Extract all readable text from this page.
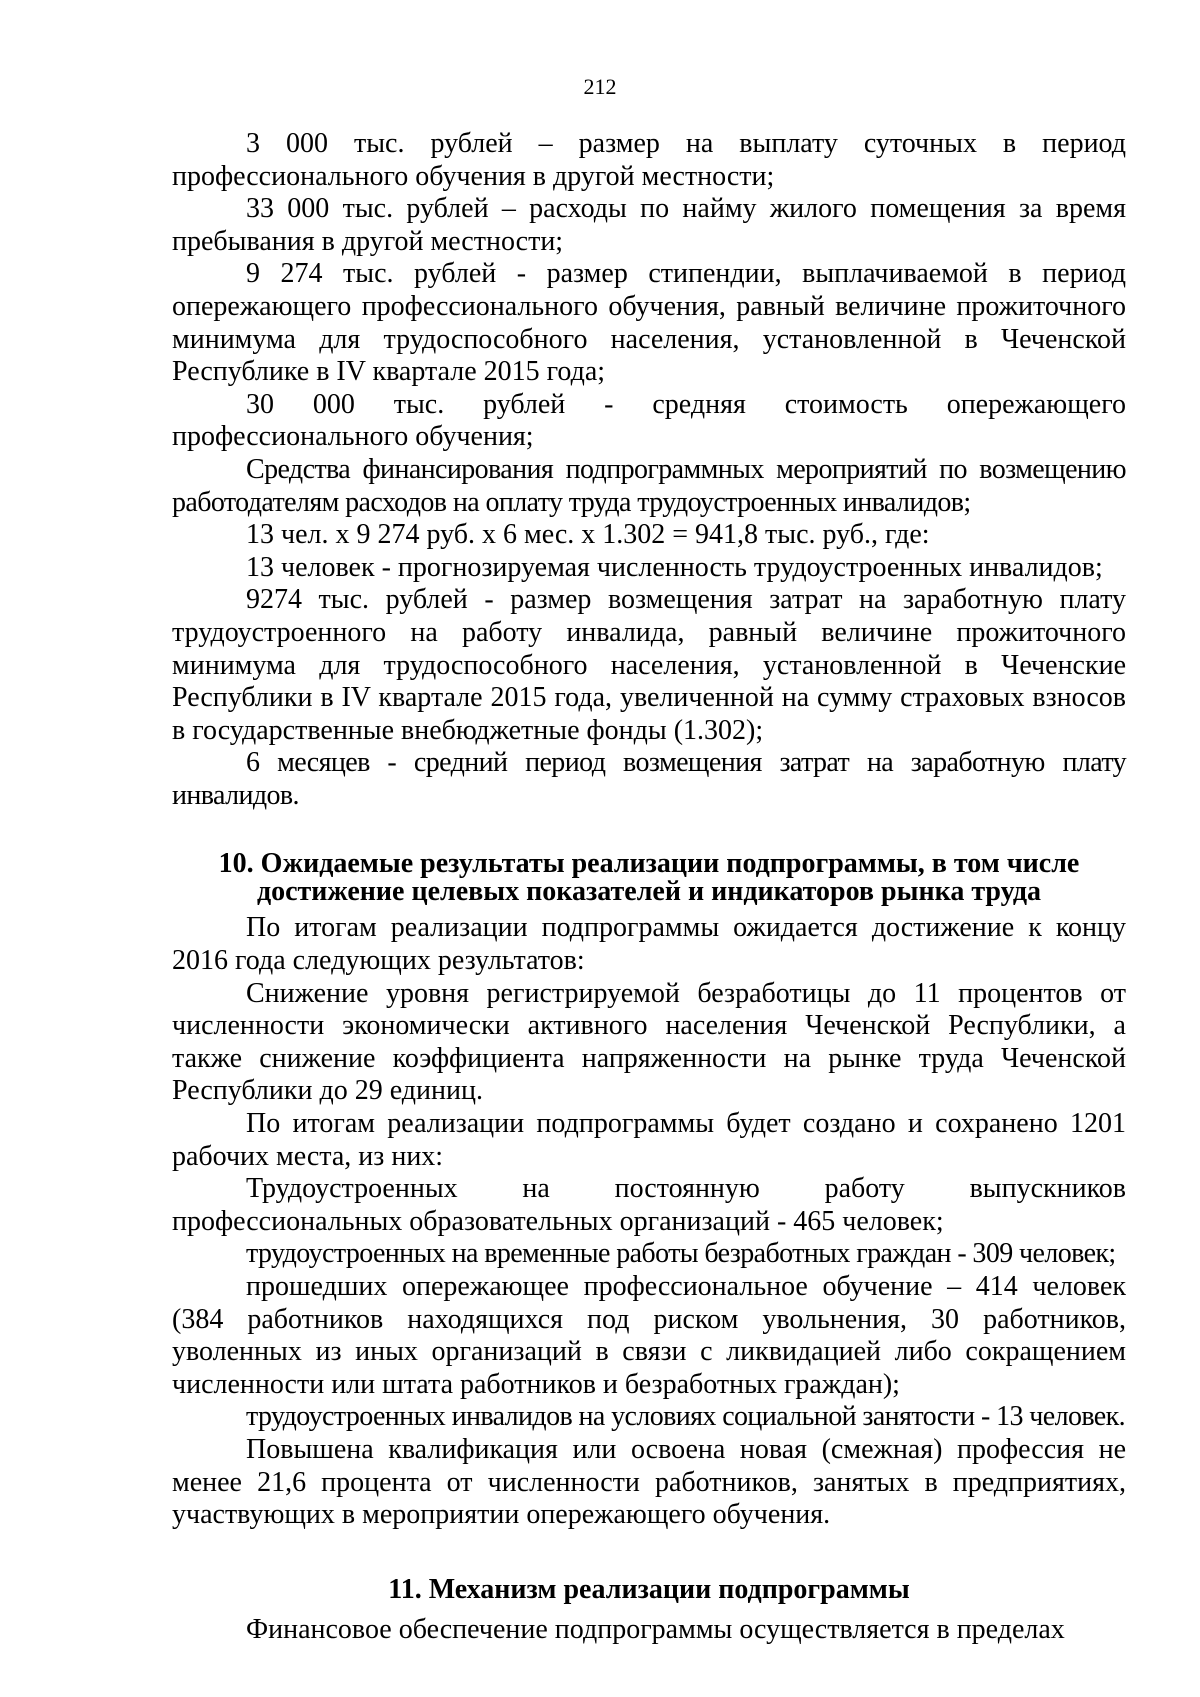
212

3 000 тыс. рублей – размер на выплату суточных в период профессионального обучения в другой местности;

33 000 тыс. рублей – расходы по найму жилого помещения за время пребывания в другой местности;

9 274 тыс. рублей - размер стипендии, выплачиваемой в период опережающего профессионального обучения, равный величине прожиточного минимума для трудоспособного населения, установленной в Чеченской Республике в IV квартале 2015 года;

30 000 тыс. рублей - средняя стоимость опережающего профессионального обучения;

Средства финансирования подпрограммных мероприятий по возмещению работодателям расходов на оплату труда трудоустроенных инвалидов;

13 чел. х 9 274 руб. х 6 мес. х 1.302 = 941,8 тыс. руб., где:

13 человек - прогнозируемая численность трудоустроенных инвалидов;

9274 тыс. рублей - размер возмещения затрат на заработную плату трудоустроенного на работу инвалида, равный величине прожиточного минимума для трудоспособного населения, установленной в Чеченские Республики в IV квартале 2015 года, увеличенной на сумму страховых взносов в государственные внебюджетные фонды (1.302);

6 месяцев - средний период возмещения затрат на заработную плату инвалидов.

10. Ожидаемые результаты реализации подпрограммы, в том числе
достижение целевых показателей и индикаторов рынка труда

По итогам реализации подпрограммы ожидается достижение к концу 2016 года следующих результатов:

Снижение уровня регистрируемой безработицы до 11 процентов от численности экономически активного населения Чеченской Республики, а также снижение коэффициента напряженности на рынке труда Чеченской Республики до 29 единиц.

По итогам реализации подпрограммы будет создано и сохранено 1201 рабочих места, из них:

Трудоустроенных на постоянную работу выпускников профессиональных образовательных организаций - 465 человек;

трудоустроенных на временные работы безработных граждан - 309 человек;

прошедших опережающее профессиональное обучение – 414 человек (384 работников находящихся под риском увольнения, 30 работников, уволенных из иных организаций в связи с ликвидацией либо сокращением численности или штата работников и безработных граждан);

трудоустроенных инвалидов на условиях социальной занятости - 13 человек.

Повышена квалификация или освоена новая (смежная) профессия не менее 21,6 процента от численности работников, занятых в предприятиях, участвующих в мероприятии опережающего обучения.

11. Механизм реализации подпрограммы

Финансовое обеспечение подпрограммы осуществляется в пределах
